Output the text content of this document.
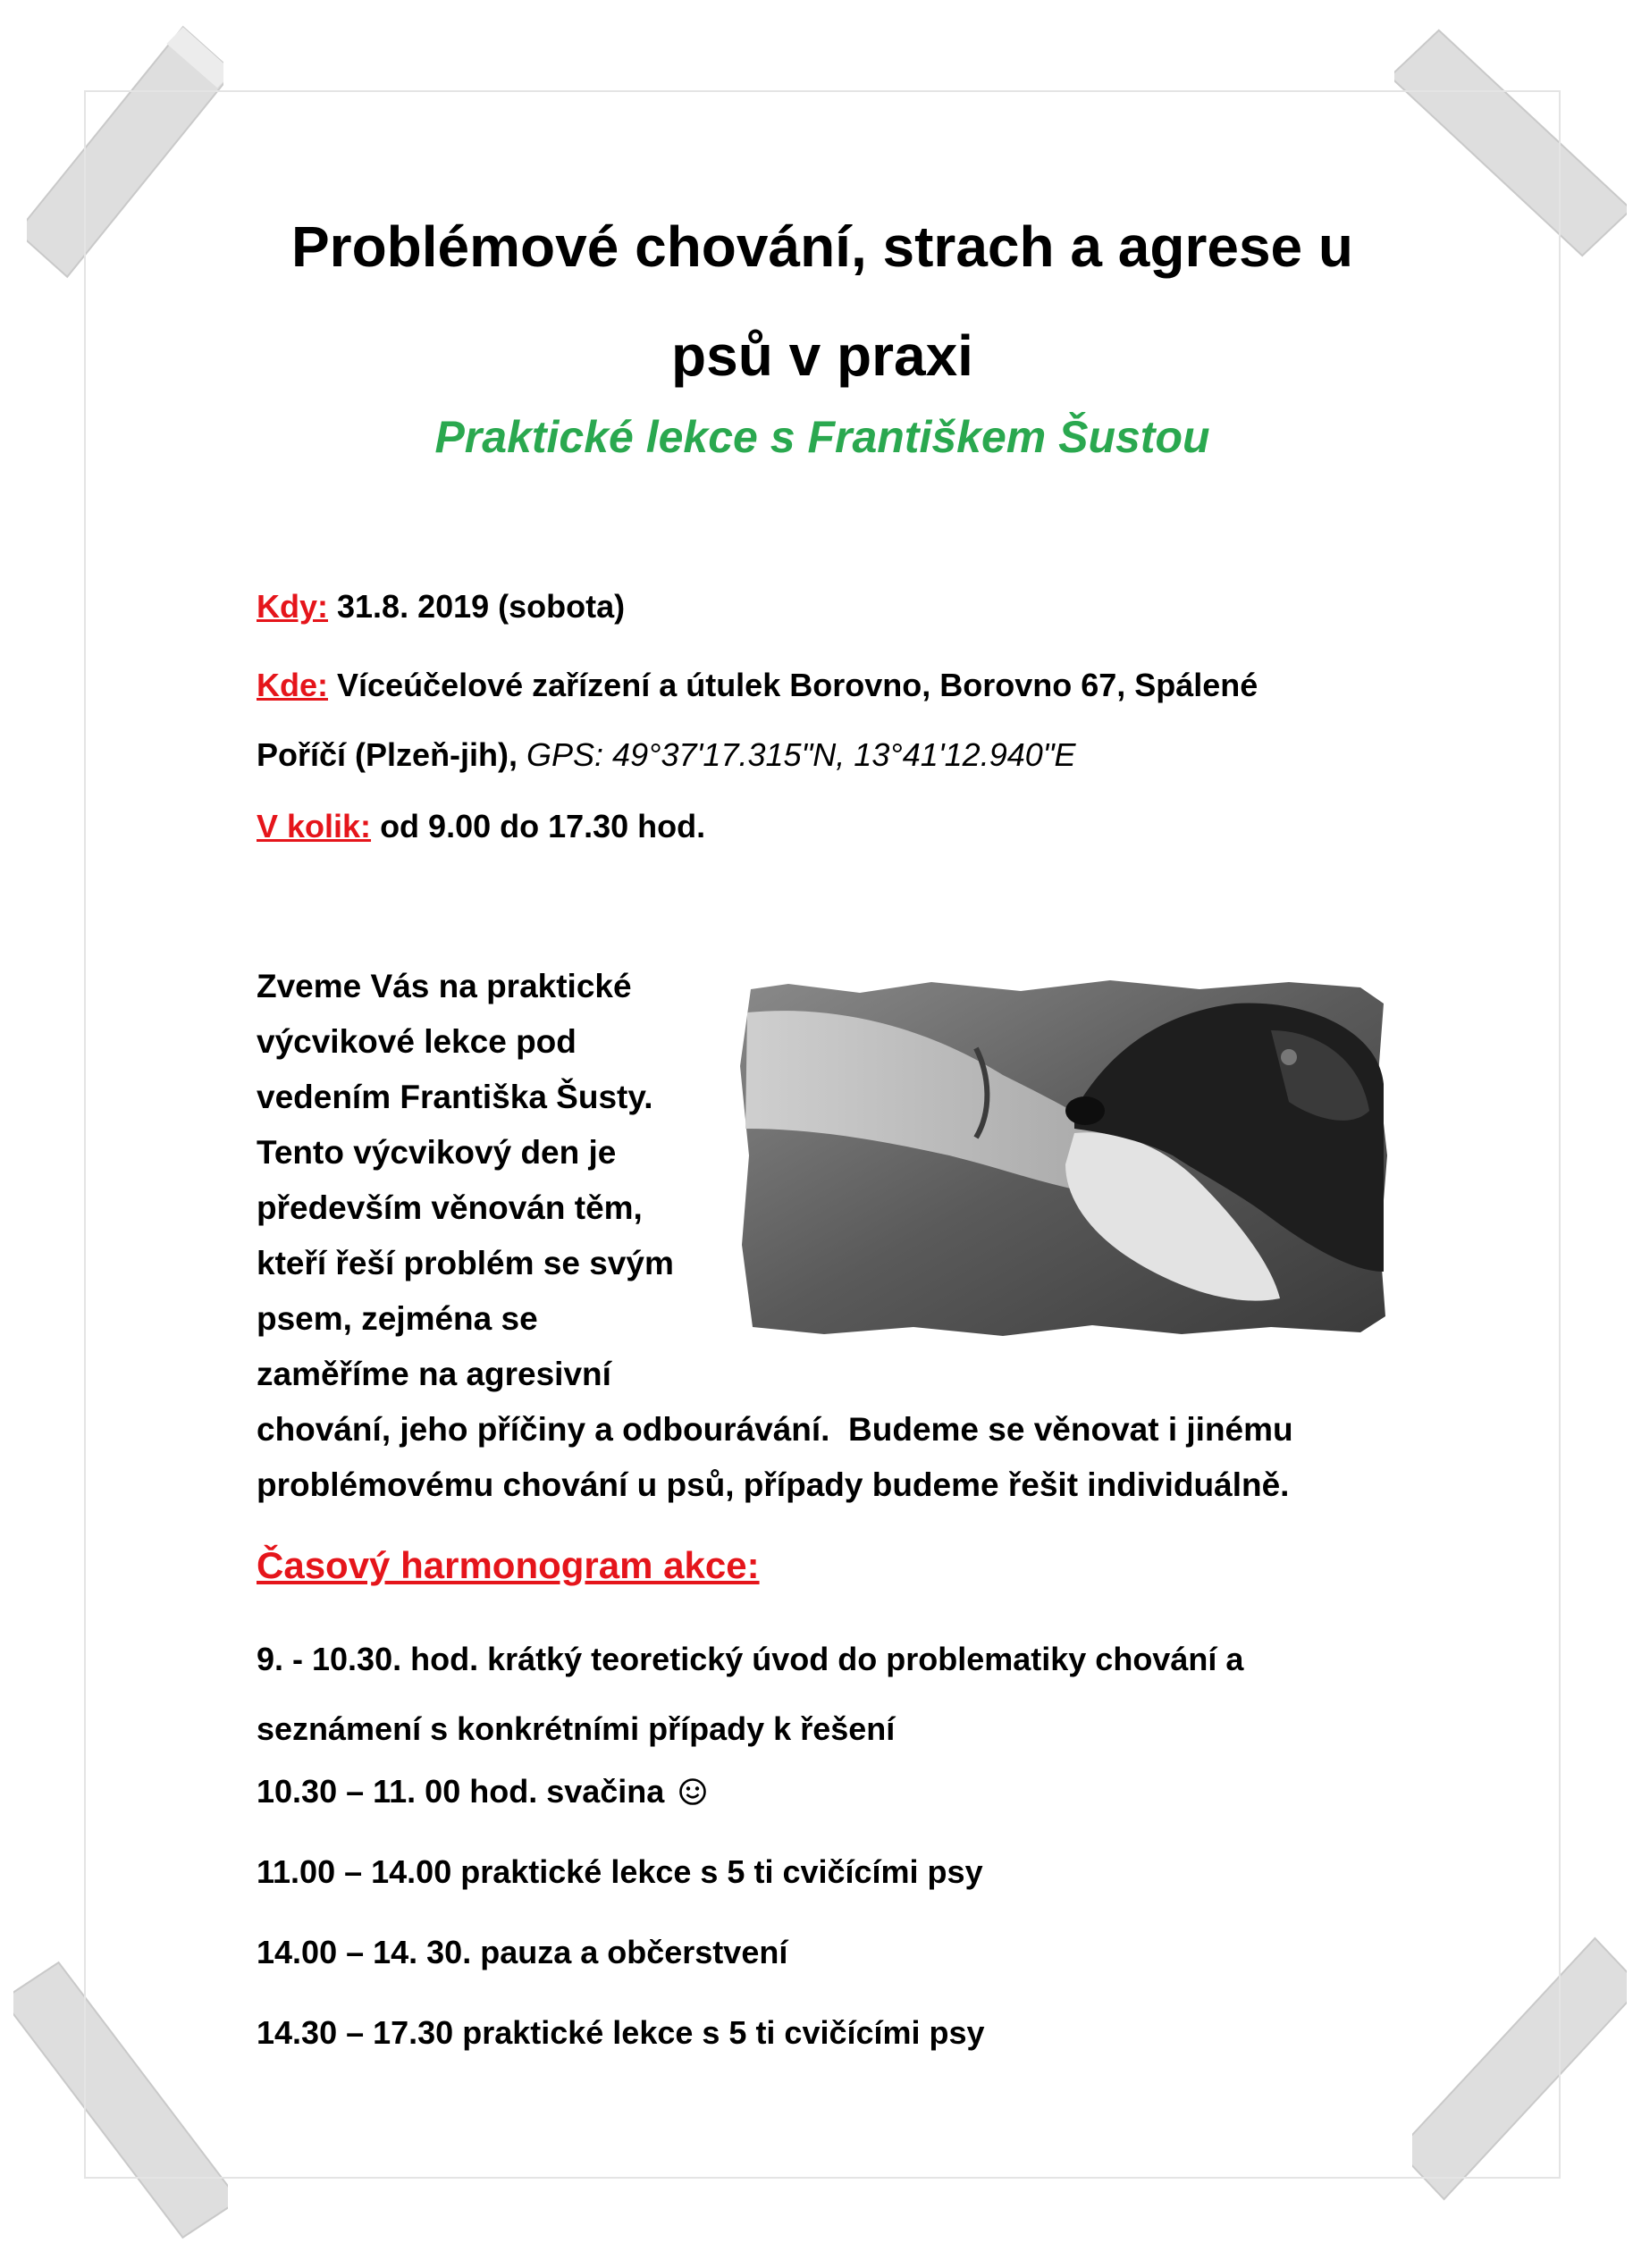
Problémové chování, strach a agrese u
psů v praxi
Praktické lekce s Františkem Šustou
Kdy: 31.8. 2019 (sobota)
Kde: Víceúčelové zařízení a útulek Borovno, Borovno 67, Spálené
Poříčí (Plzeň-jih), GPS: 49°37'17.315"N, 13°41'12.940"E
V kolik: od 9.00 do 17.30 hod.
Zveme Vás na praktické
výcvikové lekce pod
vedením Františka Šusty.
Tento výcvikový den je
především věnován těm,
kteří řeší problém se svým
psem, zejména se
zaměříme na agresivní
chování, jeho příčiny a odbourávání.  Budeme se věnovat i jinému
problémovému chování u psů, případy budeme řešit individuálně.
Časový harmonogram akce:
9. - 10.30. hod. krátký teoretický úvod do problematiky chování a
seznámení s konkrétními případy k řešení
10.30 – 11. 00 hod. svačina
11.00 – 14.00 praktické lekce s 5 ti cvičícími psy
14.00 – 14. 30. pauza a občerstvení
14.30 – 17.30 praktické lekce s 5 ti cvičícími psy
